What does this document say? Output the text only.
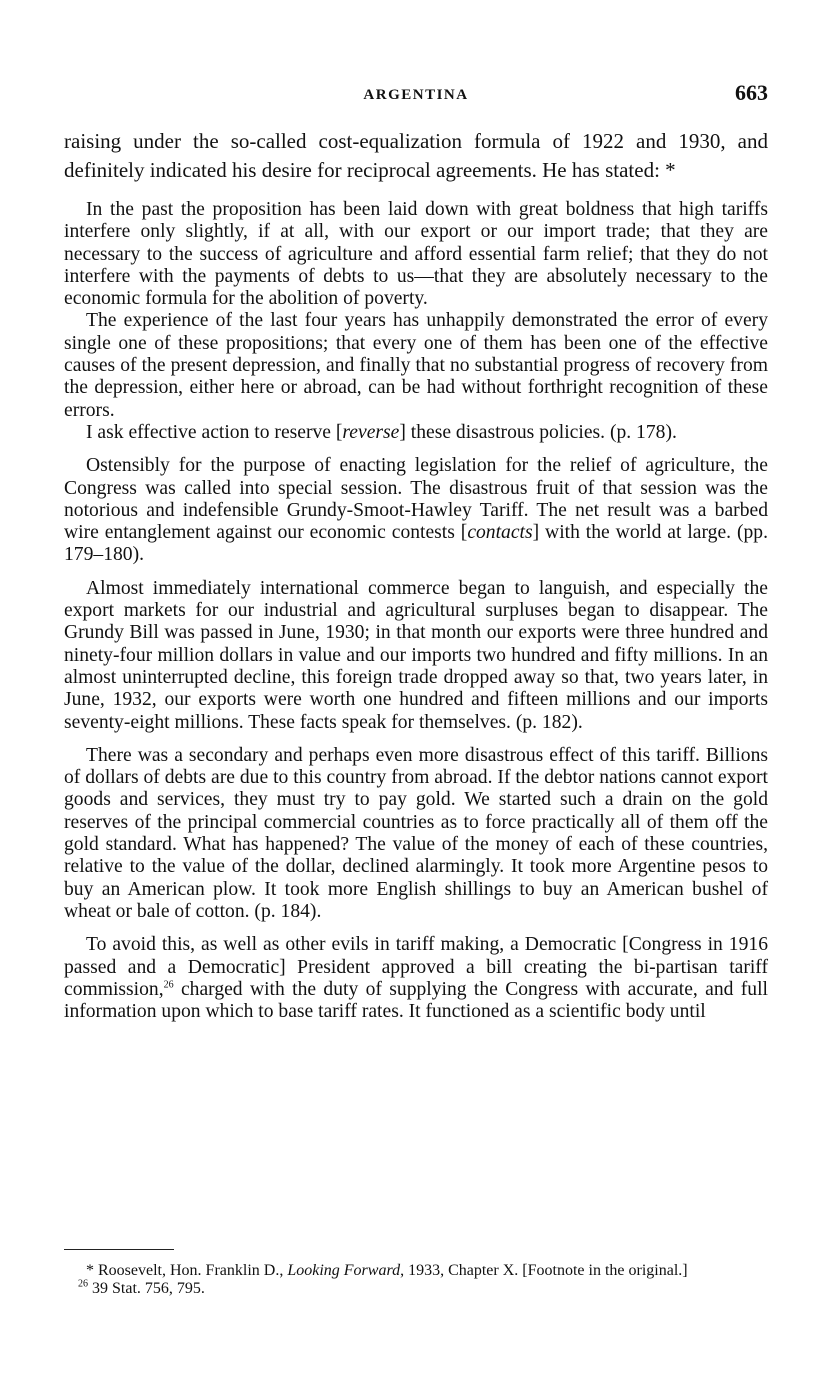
ARGENTINA	663

raising under the so-called cost-equalization formula of 1922 and 1930, and definitely indicated his desire for reciprocal agreements. He has stated: *

In the past the proposition has been laid down with great boldness that high tariffs interfere only slightly, if at all, with our export or our import trade; that they are necessary to the success of agriculture and afford essential farm relief; that they do not interfere with the payments of debts to us—that they are absolutely necessary to the economic formula for the abolition of poverty.

The experience of the last four years has unhappily demonstrated the error of every single one of these propositions; that every one of them has been one of the effective causes of the present depression, and finally that no substantial progress of recovery from the depression, either here or abroad, can be had without forthright recognition of these errors.

I ask effective action to reserve [reverse] these disastrous policies. (p. 178).

Ostensibly for the purpose of enacting legislation for the relief of agriculture, the Congress was called into special session. The disastrous fruit of that session was the notorious and indefensible Grundy-Smoot-Hawley Tariff. The net result was a barbed wire entanglement against our economic contests [contacts] with the world at large. (pp. 179–180).

Almost immediately international commerce began to languish, and especially the export markets for our industrial and agricultural surpluses began to disappear. The Grundy Bill was passed in June, 1930; in that month our exports were three hundred and ninety-four million dollars in value and our imports two hundred and fifty millions. In an almost uninterrupted decline, this foreign trade dropped away so that, two years later, in June, 1932, our exports were worth one hundred and fifteen millions and our imports seventy-eight millions. These facts speak for themselves. (p. 182).

There was a secondary and perhaps even more disastrous effect of this tariff. Billions of dollars of debts are due to this country from abroad. If the debtor nations cannot export goods and services, they must try to pay gold. We started such a drain on the gold reserves of the principal commercial countries as to force practically all of them off the gold standard. What has happened? The value of the money of each of these countries, relative to the value of the dollar, declined alarmingly. It took more Argentine pesos to buy an American plow. It took more English shillings to buy an American bushel of wheat or bale of cotton. (p. 184).

To avoid this, as well as other evils in tariff making, a Democratic [Congress in 1916 passed and a Democratic] President approved a bill creating the bi-partisan tariff commission,$^{26}$ charged with the duty of supplying the Congress with accurate, and full information upon which to base tariff rates. It functioned as a scientific body until

* Roosevelt, Hon. Franklin D., Looking Forward, 1933, Chapter X. [Footnote in the original.]

$^{26}$ 39 Stat. 756, 795.
